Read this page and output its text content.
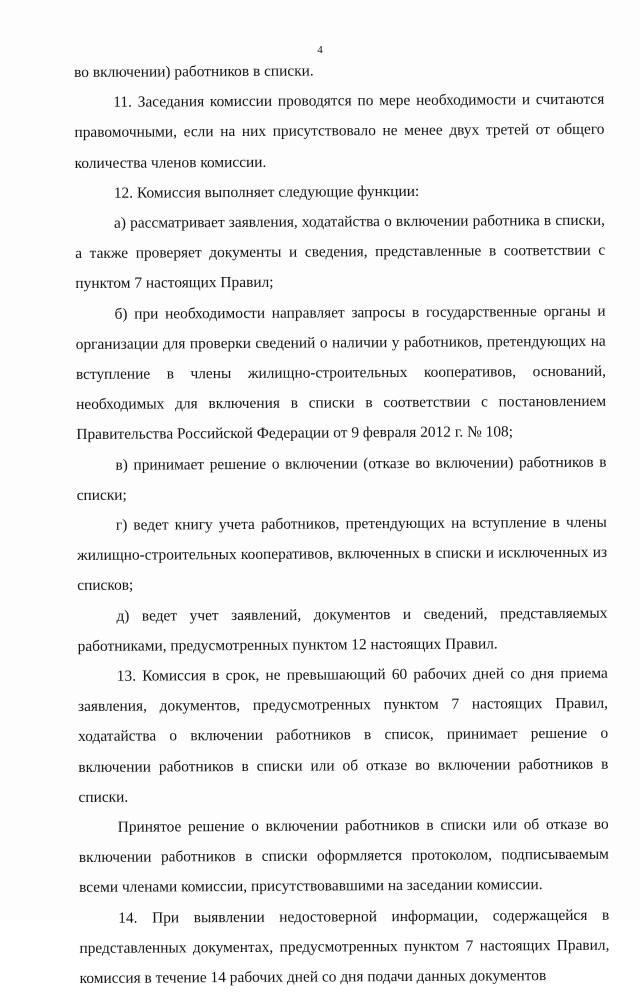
4

во включении) работников в списки.

11. Заседания комиссии проводятся по мере необходимости и считаются правомочными, если на них присутствовало не менее двух третей от общего количества членов комиссии.

12. Комиссия выполняет следующие функции:

а) рассматривает заявления, ходатайства о включении работника в списки, а также проверяет документы и сведения, представленные в соответствии с пунктом 7 настоящих Правил;

б) при необходимости направляет запросы в государственные органы и организации для проверки сведений о наличии у работников, претендующих на вступление в члены жилищно-строительных кооперативов, оснований, необходимых для включения в списки в соответствии с постановлением Правительства Российской Федерации от 9 февраля 2012 г. № 108;

в) принимает решение о включении (отказе во включении) работников в списки;

г) ведет книгу учета работников, претендующих на вступление в члены жилищно-строительных кооперативов, включенных в списки и исключенных из списков;

д) ведет учет заявлений, документов и сведений, представляемых работниками, предусмотренных пунктом 12 настоящих Правил.

13. Комиссия в срок, не превышающий 60 рабочих дней со дня приема заявления, документов, предусмотренных пунктом 7 настоящих Правил, ходатайства о включении работников в список, принимает решение о включении работников в списки или об отказе во включении работников в списки.

Принятое решение о включении работников в списки или об отказе во включении работников в списки оформляется протоколом, подписываемым всеми членами комиссии, присутствовавшими на заседании комиссии.

14. При выявлении недостоверной информации, содержащейся в представленных документах, предусмотренных пунктом 7 настоящих Правил, комиссия в течение 14 рабочих дней со дня подачи данных документов
